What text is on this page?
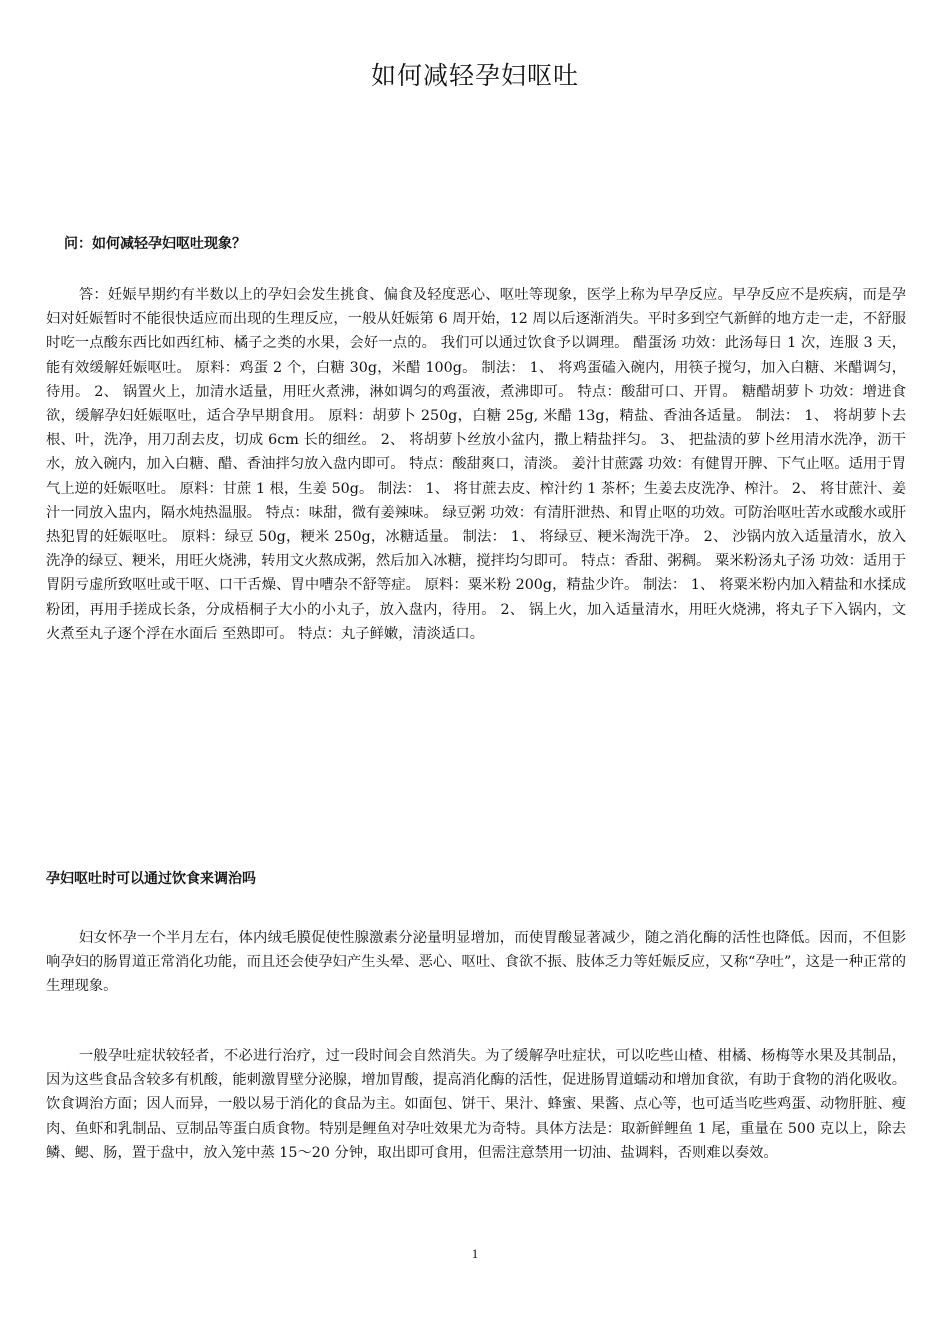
如何减轻孕妇呕吐
问：如何减轻孕妇呕吐现象？

答：妊娠早期约有半数以上的孕妇会发生挑食、偏食及轻度恶心、呕吐等现象，医学上称为早孕反应。早孕反应不是疾病，而是孕妇对妊娠暂时不能很快适应而出现的生理反应，一般从妊娠第 6 周开始，12 周以后逐渐消失。平时多到空气新鲜的地方走一走，不舒服时吃一点酸东西比如西红柿、橘子之类的水果，会好一点的。 我们可以通过饮食予以调理。 醋蛋汤 功效：此汤每日 1 次，连服 3 天，能有效缓解妊娠呕吐。 原料：鸡蛋 2 个，白糖 30g，米醋 100g。 制法： 1、 将鸡蛋磕入碗内，用筷子搅匀，加入白糖、米醋调匀，待用。 2、 锅置火上，加清水适量，用旺火煮沸，淋如调匀的鸡蛋液，煮沸即可。 特点：酸甜可口、开胃。 糖醋胡萝卜 功效：增进食欲，缓解孕妇妊娠呕吐，适合孕早期食用。 原料：胡萝卜 250g，白糖 25g, 米醋 13g，精盐、香油各适量。 制法： 1、 将胡萝卜去根、叶，洗净，用刀刮去皮，切成 6cm 长的细丝。 2、 将胡萝卜丝放小盆内，撒上精盐拌匀。 3、 把盐渍的萝卜丝用清水洗净，沥干水，放入碗内，加入白糖、醋、香油拌匀放入盘内即可。 特点：酸甜爽口，清淡。 姜汁甘蔗露 功效：有健胃开脾、下气止呕。适用于胃气上逆的妊娠呕吐。 原料：甘蔗 1 根，生姜 50g。 制法： 1、 将甘蔗去皮、榨汁约 1 茶杯；生姜去皮洗净、榨汁。 2、 将甘蔗汁、姜汁一同放入盅内，隔水炖热温服。 特点：味甜，微有姜辣味。 绿豆粥 功效：有清肝泄热、和胃止呕的功效。可防治呕吐苦水或酸水或肝热犯胃的妊娠呕吐。 原料：绿豆 50g，粳米 250g，冰糖适量。 制法： 1、 将绿豆、粳米淘洗干净。 2、 沙锅内放入适量清水，放入洗净的绿豆、粳米，用旺火烧沸，转用文火熬成粥，然后加入冰糖，搅拌均匀即可。 特点：香甜、粥稠。 粟米粉汤丸子汤 功效：适用于胃阴亏虚所致呕吐或干呕、口干舌燥、胃中嘈杂不舒等症。 原料：粟米粉 200g，精盐少许。 制法： 1、 将粟米粉内加入精盐和水揉成粉团，再用手搓成长条，分成梧桐子大小的小丸子，放入盘内，待用。 2、 锅上火，加入适量清水，用旺火烧沸，将丸子下入锅内，文火煮至丸子逐个浮在水面后 至熟即可。 特点：丸子鲜嫩，清淡适口。

孕妇呕吐时可以通过饮食来调治吗

妇女怀孕一个半月左右，体内绒毛膜促使性腺激素分泌量明显增加，而使胃酸显著减少，随之消化酶的活性也降低。因而，不但影响孕妇的肠胃道正常消化功能，而且还会使孕妇产生头晕、恶心、呕吐、食欲不振、肢体乏力等妊娠反应，又称“孕吐”，这是一种正常的生理现象。

一般孕吐症状较轻者，不必进行治疗，过一段时间会自然消失。为了缓解孕吐症状，可以吃些山楂、柑橘、杨梅等水果及其制品，因为这些食品含较多有机酸，能刺激胃壁分泌腺，增加胃酸，提高消化酶的活性，促进肠胃道蠕动和增加食欲，有助于食物的消化吸收。饮食调治方面；因人而异，一般以易于消化的食品为主。如面包、饼干、果汁、蜂蜜、果酱、点心等，也可适当吃些鸡蛋、动物肝脏、瘦肉、鱼虾和乳制品、豆制品等蛋白质食物。特别是鲤鱼对孕吐效果尤为奇特。具体方法是：取新鲜鲤鱼 1 尾，重量在 500 克以上，除去鳞、鳃、肠，置于盘中，放入笼中蒸 15～20 分钟，取出即可食用，但需注意禁用一切油、盐调料，否则难以奏效。

1
